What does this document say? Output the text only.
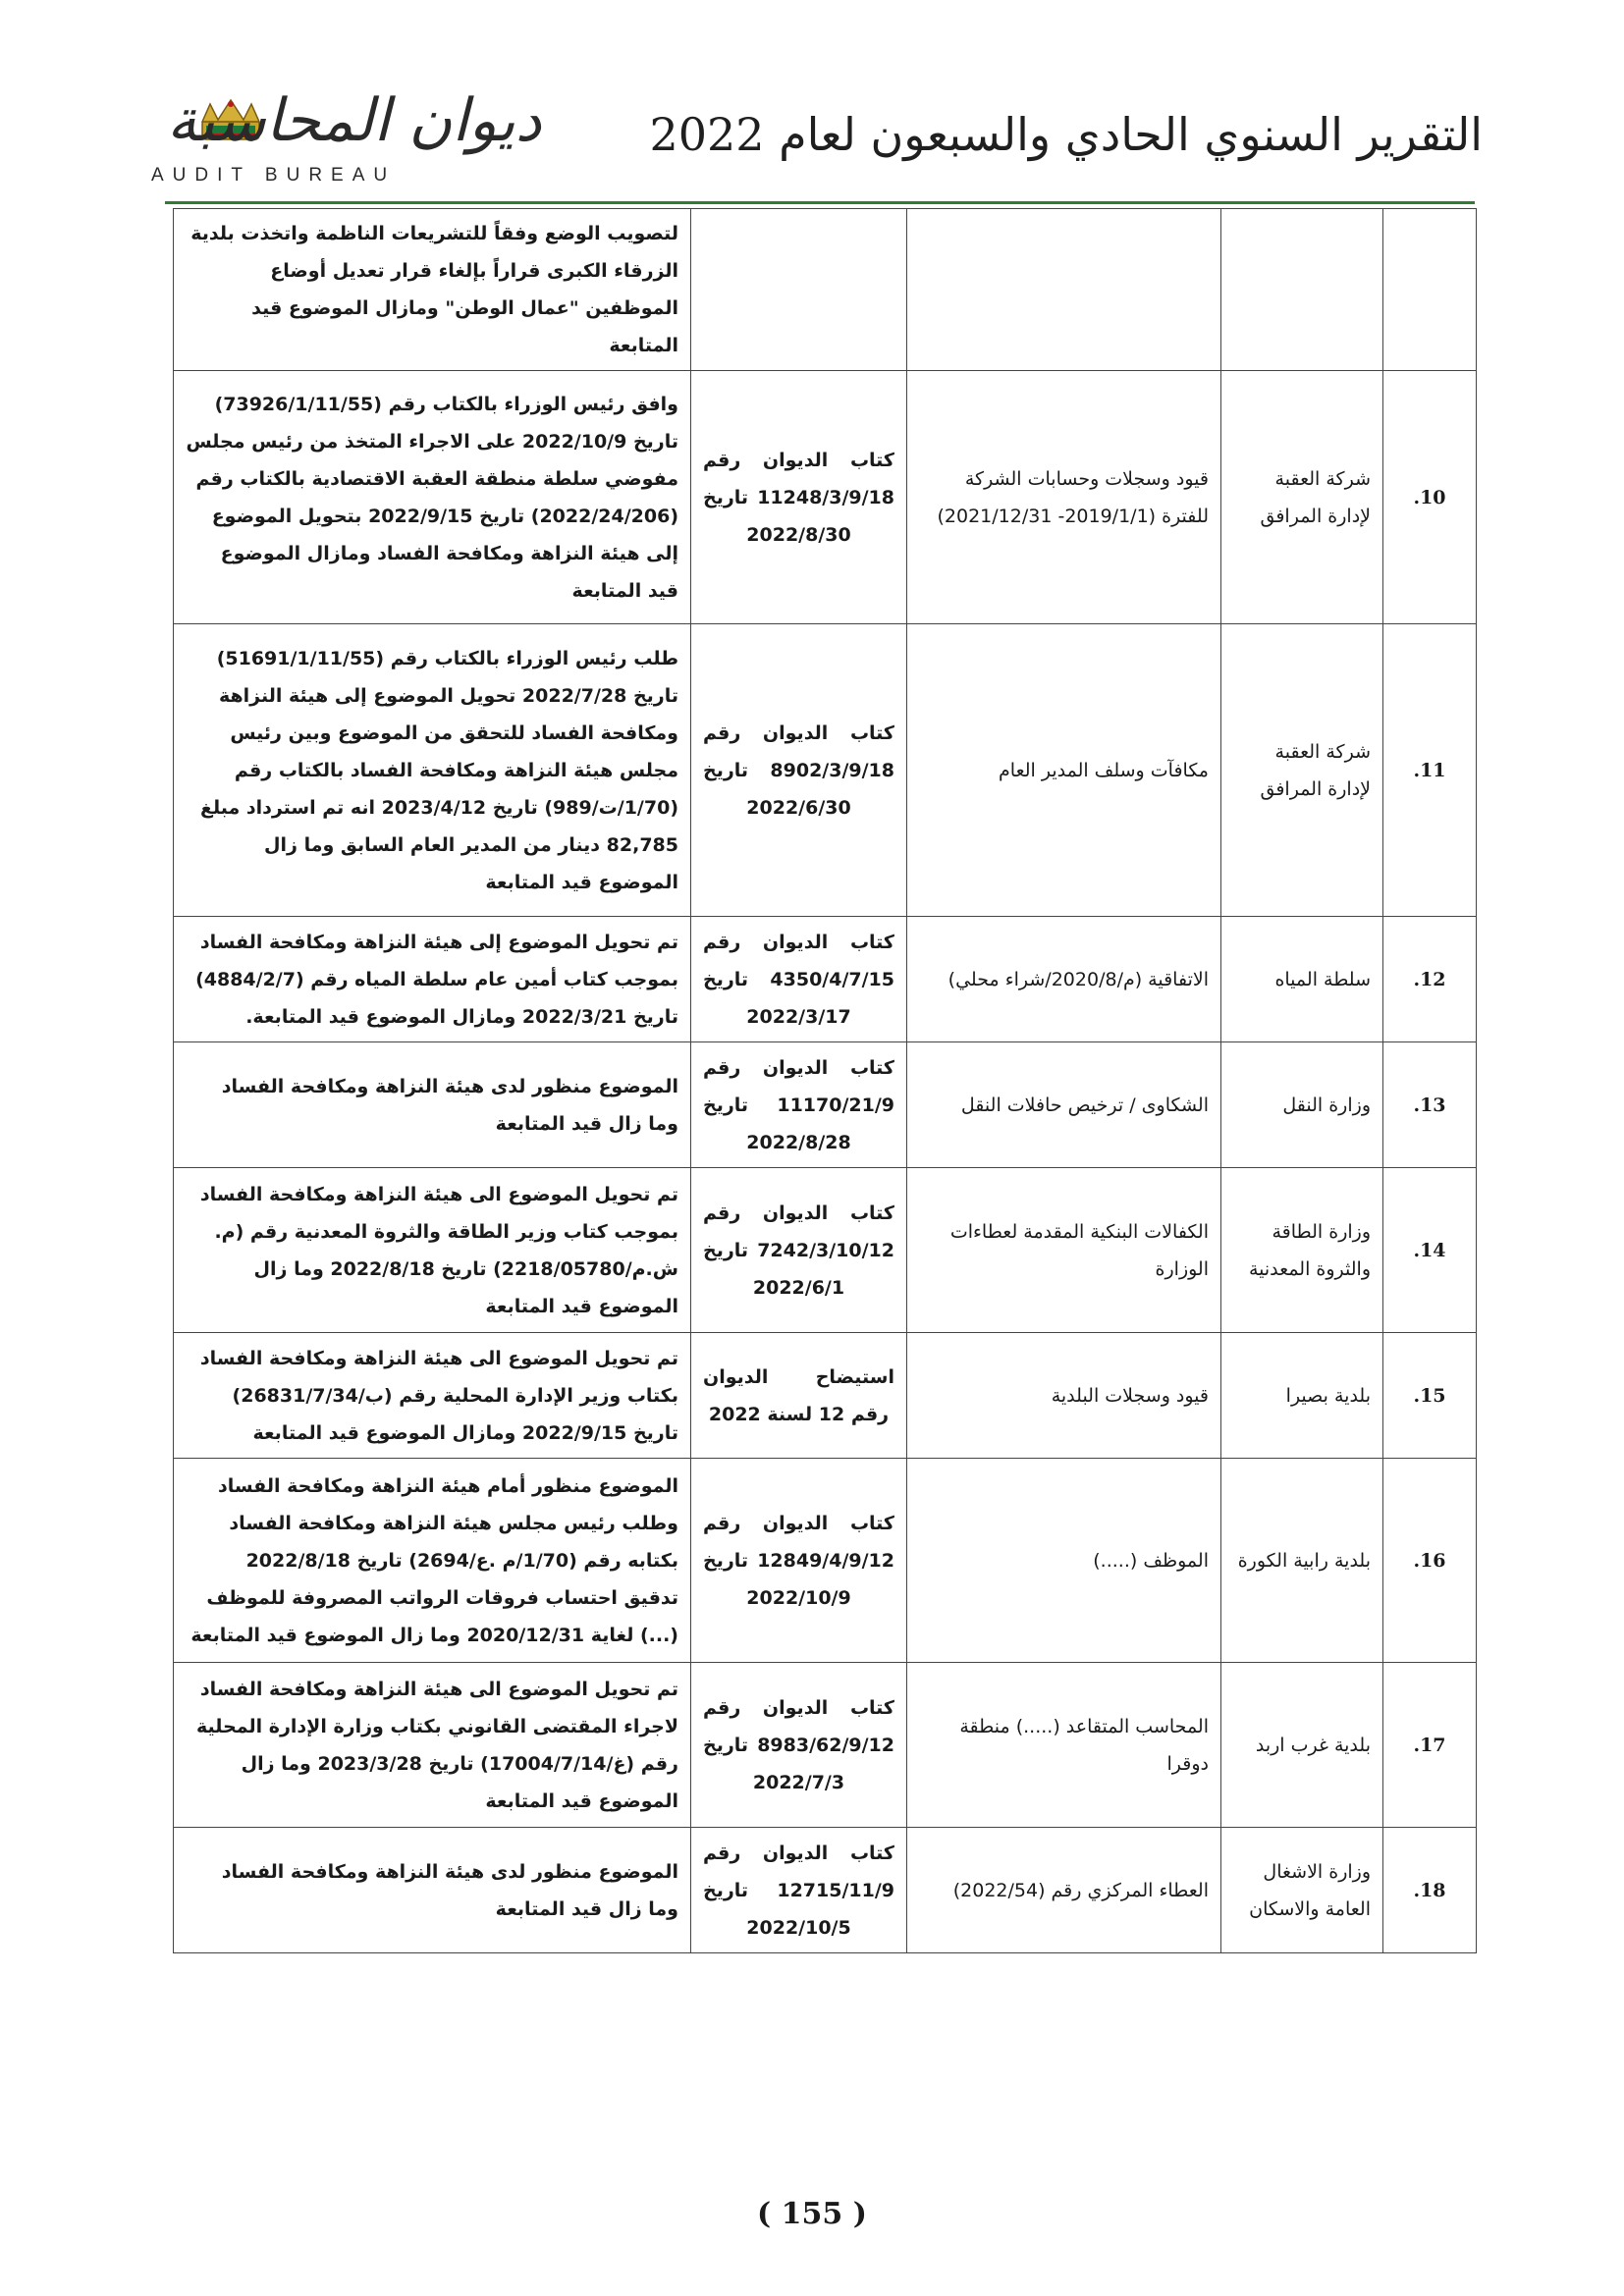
التقرير السنوي الحادي والسبعون لعام 2022
ديوان المحاسبة
AUDIT BUREAU
				لتصويب الوضع وفقاً للتشريعات الناظمة واتخذت بلدية الزرقاء الكبرى قراراً بإلغاء قرار تعديل أوضاع الموظفين "عمال الوطن" ومازال الموضوع قيد المتابعة
10.	شركة العقبة لإدارة المرافق	قيود وسجلات وحسابات الشركة للفترة (2019/1/1- 2021/12/31)	كتاب الديوان رقم 11248/3/9/18 تاريخ 2022/8/30	وافق رئيس الوزراء بالكتاب رقم (73926/1/11/55) تاريخ 2022/10/9 على الاجراء المتخذ من رئيس مجلس مفوضي سلطة منطقة العقبة الاقتصادية بالكتاب رقم (2022/24/206) تاريخ 2022/9/15 بتحويل الموضوع إلى هيئة النزاهة ومكافحة الفساد ومازال الموضوع قيد المتابعة
11.	شركة العقبة لإدارة المرافق	مكافآت وسلف المدير العام	كتاب الديوان رقم 8902/3/9/18 تاريخ 2022/6/30	طلب رئيس الوزراء بالكتاب رقم (51691/1/11/55) تاريخ 2022/7/28 تحويل الموضوع إلى هيئة النزاهة ومكافحة الفساد للتحقق من الموضوع وبين رئيس مجلس هيئة النزاهة ومكافحة الفساد بالكتاب رقم (1/70/ت/989) تاريخ 2023/4/12 انه تم استرداد مبلغ 82,785 دينار من المدير العام السابق وما زال الموضوع قيد المتابعة
12.	سلطة المياه	الاتفاقية (م/2020/8/شراء محلي)	كتاب الديوان رقم 4350/4/7/15 تاريخ 2022/3/17	تم تحويل الموضوع إلى هيئة النزاهة ومكافحة الفساد بموجب كتاب أمين عام سلطة المياه رقم (4884/2/7) تاريخ 2022/3/21 ومازال الموضوع قيد المتابعة.
13.	وزارة النقل	الشكاوى / ترخيص حافلات النقل	كتاب الديوان رقم 11170/21/9 تاريخ 2022/8/28	الموضوع منظور لدى هيئة النزاهة ومكافحة الفساد وما زال قيد المتابعة
14.	وزارة الطاقة والثروة المعدنية	الكفالات البنكية المقدمة لعطاءات الوزارة	كتاب الديوان رقم 7242/3/10/12 تاريخ 2022/6/1	تم تحويل الموضوع الى هيئة النزاهة ومكافحة الفساد بموجب كتاب وزير الطاقة والثروة المعدنية رقم (م. ش.م/2218/05780) تاريخ 2022/8/18 وما زال الموضوع قيد المتابعة
15.	بلدية بصيرا	قيود وسجلات البلدية	استيضاح الديوان رقم 12 لسنة 2022	تم تحويل الموضوع الى هيئة النزاهة ومكافحة الفساد بكتاب وزير الإدارة المحلية رقم (ب/26831/7/34) تاريخ 2022/9/15 ومازال الموضوع قيد المتابعة
16.	بلدية رابية الكورة	الموظف (.....)	كتاب الديوان رقم 12849/4/9/12 تاريخ 2022/10/9	الموضوع منظور أمام هيئة النزاهة ومكافحة الفساد وطلب رئيس مجلس هيئة النزاهة ومكافحة الفساد بكتابه رقم (1/70/م .ع/2694) تاريخ 2022/8/18 تدقيق احتساب فروقات الرواتب المصروفة للموظف (...) لغاية 2020/12/31 وما زال الموضوع قيد المتابعة
17.	بلدية غرب اربد	المحاسب المتقاعد (.....) منطقة دوقرا	كتاب الديوان رقم 8983/62/9/12 تاريخ 2022/7/3	تم تحويل الموضوع الى هيئة النزاهة ومكافحة الفساد لاجراء المقتضى القانوني بكتاب وزارة الإدارة المحلية رقم (غ/17004/7/14) تاريخ 2023/3/28 وما زال الموضوع قيد المتابعة
18.	وزارة الاشغال العامة والاسكان	العطاء المركزي رقم (2022/54)	كتاب الديوان رقم 12715/11/9 تاريخ 2022/10/5	الموضوع منظور لدى هيئة النزاهة ومكافحة الفساد وما زال قيد المتابعة
( 155 )
